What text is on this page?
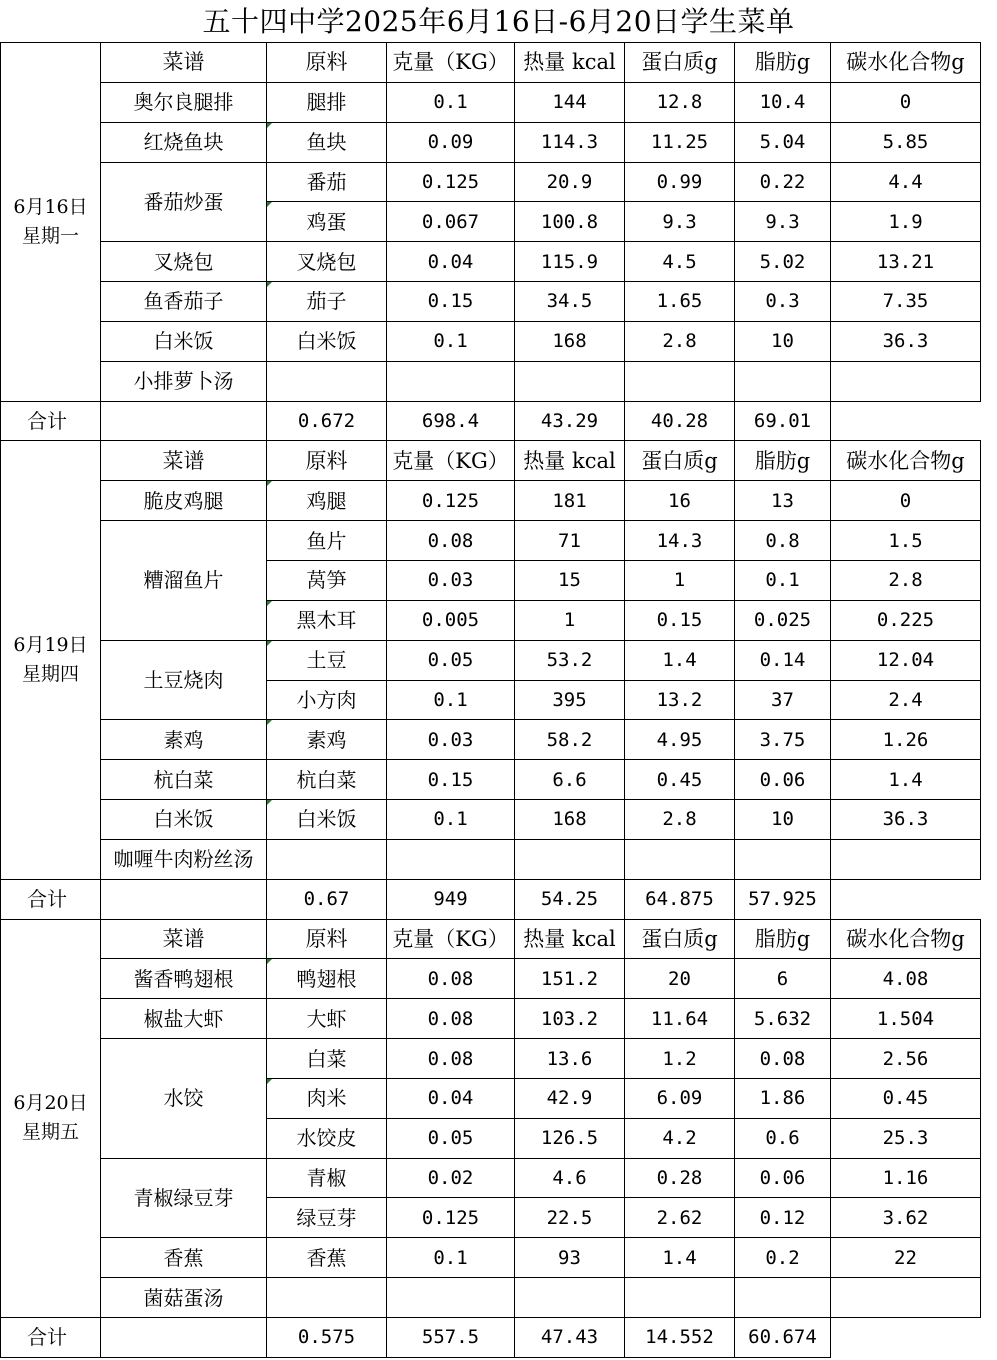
五十四中学2025年6月16日-6月20日学生菜单
6月16日
星期一	菜谱	原料	克量（KG）	热量 kcal	蛋白质g	脂肪g	碳水化合物g
	奥尔良腿排	腿排	0.1	144	12.8	10.4	0
	红烧鱼块	鱼块	0.09	114.3	11.25	5.04	5.85
	番茄炒蛋	番茄	0.125	20.9	0.99	0.22	4.4
		鸡蛋	0.067	100.8	9.3	9.3	1.9
	叉烧包	叉烧包	0.04	115.9	4.5	5.02	13.21
	鱼香茄子	茄子	0.15	34.5	1.65	0.3	7.35
	白米饭	白米饭	0.1	168	2.8	10	36.3
	小排萝卜汤						
合计		0.672	698.4	43.29	40.28	69.01	

6月19日
星期四	菜谱	原料	克量（KG）	热量 kcal	蛋白质g	脂肪g	碳水化合物g
	脆皮鸡腿	鸡腿	0.125	181	16	13	0
	糟溜鱼片	鱼片	0.08	71	14.3	0.8	1.5
		莴笋	0.03	15	1	0.1	2.8
		黑木耳	0.005	1	0.15	0.025	0.225
	土豆烧肉	土豆	0.05	53.2	1.4	0.14	12.04
		小方肉	0.1	395	13.2	37	2.4
	素鸡	素鸡	0.03	58.2	4.95	3.75	1.26
	杭白菜	杭白菜	0.15	6.6	0.45	0.06	1.4
	白米饭	白米饭	0.1	168	2.8	10	36.3
	咖喱牛肉粉丝汤						
合计		0.67	949	54.25	64.875	57.925	

6月20日
星期五	菜谱	原料	克量（KG）	热量 kcal	蛋白质g	脂肪g	碳水化合物g
	酱香鸭翅根	鸭翅根	0.08	151.2	20	6	4.08
	椒盐大虾	大虾	0.08	103.2	11.64	5.632	1.504
	水饺	白菜	0.08	13.6	1.2	0.08	2.56
		肉米	0.04	42.9	6.09	1.86	0.45
		水饺皮	0.05	126.5	4.2	0.6	25.3
	青椒绿豆芽	青椒	0.02	4.6	0.28	0.06	1.16
		绿豆芽	0.125	22.5	2.62	0.12	3.62
	香蕉	香蕉	0.1	93	1.4	0.2	22
	菌菇蛋汤						
合计		0.575	557.5	47.43	14.552	60.674	
